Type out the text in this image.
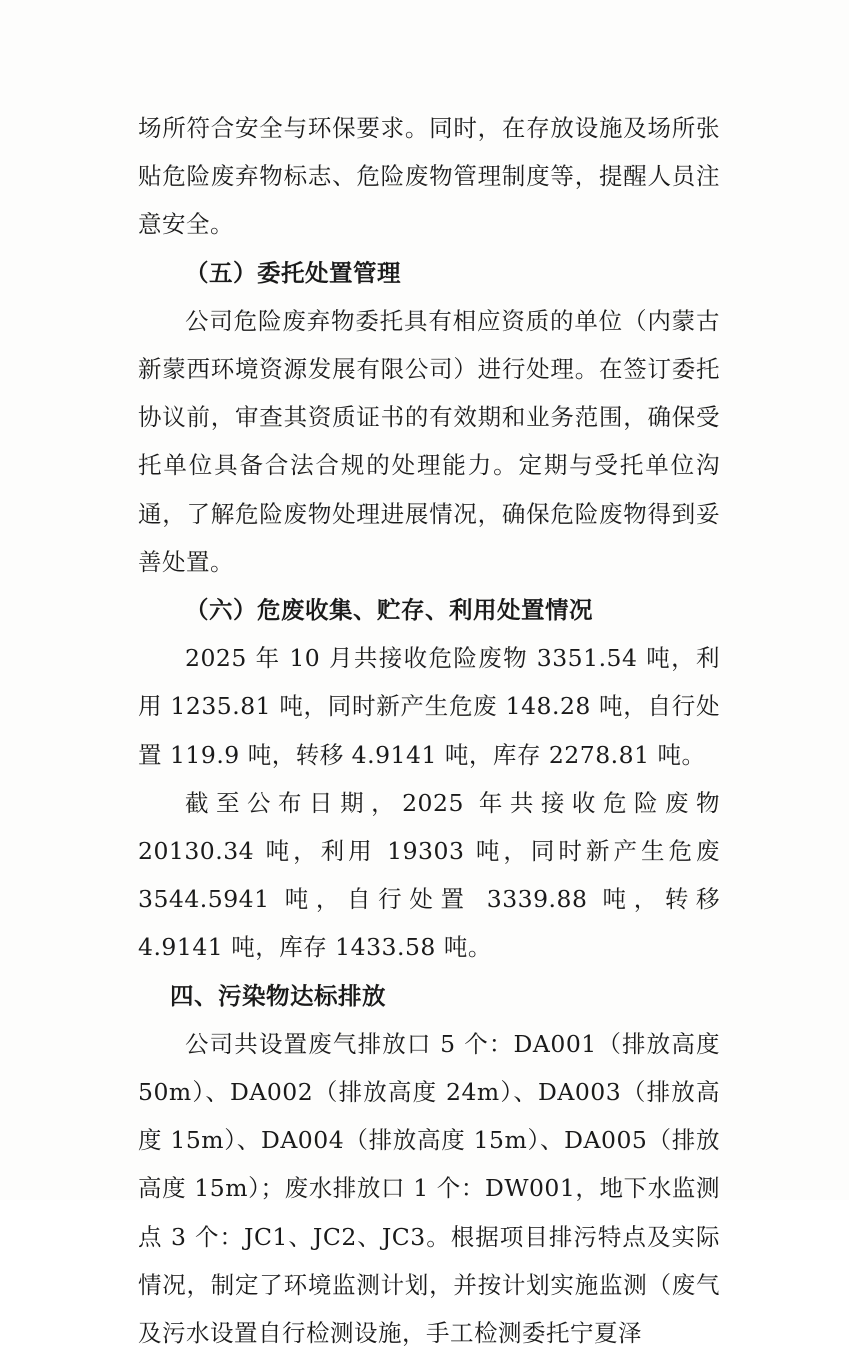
场所符合安全与环保要求。同时，在存放设施及场所张贴危险废弃物标志、危险废物管理制度等，提醒人员注意安全。

（五）委托处置管理

公司危险废弃物委托具有相应资质的单位（内蒙古新蒙西环境资源发展有限公司）进行处理。在签订委托协议前，审查其资质证书的有效期和业务范围，确保受托单位具备合法合规的处理能力。定期与受托单位沟通，了解危险废物处理进展情况，确保危险废物得到妥善处置。

（六）危废收集、贮存、利用处置情况

2025 年 10 月共接收危险废物 3351.54 吨，利用 1235.81 吨，同时新产生危废 148.28 吨，自行处置 119.9 吨，转移 4.9141 吨，库存 2278.81 吨。

截至公布日期，2025 年共接收危险废物 20130.34 吨，利用 19303 吨，同时新产生危废 3544.5941 吨，自行处置 3339.88 吨，转移 4.9141 吨，库存 1433.58 吨。

四、污染物达标排放

公司共设置废气排放口 5 个：DA001（排放高度 50m）、DA002（排放高度 24m）、DA003（排放高度 15m）、DA004（排放高度 15m）、DA005（排放高度 15m）；废水排放口 1 个：DW001，地下水监测点 3 个：JC1、JC2、JC3。根据项目排污特点及实际情况，制定了环境监测计划，并按计划实施监测（废气及污水设置自行检测设施，手工检测委托宁夏泽
